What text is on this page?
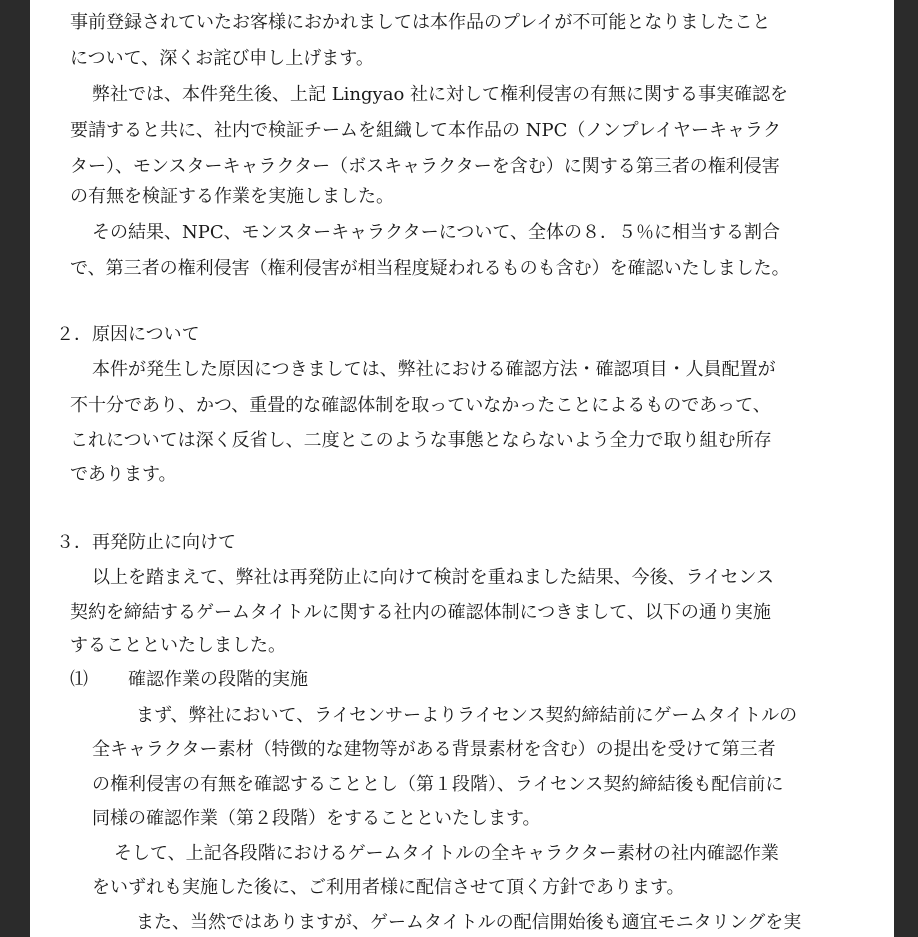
事前登録されていたお客様におかれましては本作品のプレイが不可能となりましたこと
について、深くお詫び申し上げます。
弊社では、本件発生後、上記 Lingyao 社に対して権利侵害の有無に関する事実確認を
要請すると共に、社内で検証チームを組織して本作品の NPC（ノンプレイヤーキャラク
ター）、モンスターキャラクター（ボスキャラクターを含む）に関する第三者の権利侵害
の有無を検証する作業を実施しました。
その結果、NPC、モンスターキャラクターについて、全体の８．５％に相当する割合
で、第三者の権利侵害（権利侵害が相当程度疑われるものも含む）を確認いたしました。
２．原因について
本件が発生した原因につきましては、弊社における確認方法・確認項目・人員配置が
不十分であり、かつ、重畳的な確認体制を取っていなかったことによるものであって、
これについては深く反省し、二度とこのような事態とならないよう全力で取り組む所存
であります。
３．再発防止に向けて
以上を踏まえて、弊社は再発防止に向けて検討を重ねました結果、今後、ライセンス
契約を締結するゲームタイトルに関する社内の確認体制につきまして、以下の通り実施
することといたしました。
⑴ 確認作業の段階的実施
まず、弊社において、ライセンサーよりライセンス契約締結前にゲームタイトルの
全キャラクター素材（特徴的な建物等がある背景素材を含む）の提出を受けて第三者
の権利侵害の有無を確認することとし（第１段階）、ライセンス契約締結後も配信前に
同様の確認作業（第２段階）をすることといたします。
そして、上記各段階におけるゲームタイトルの全キャラクター素材の社内確認作業
をいずれも実施した後に、ご利用者様に配信させて頂く方針であります。
また、当然ではありますが、ゲームタイトルの配信開始後も適宜モニタリングを実
